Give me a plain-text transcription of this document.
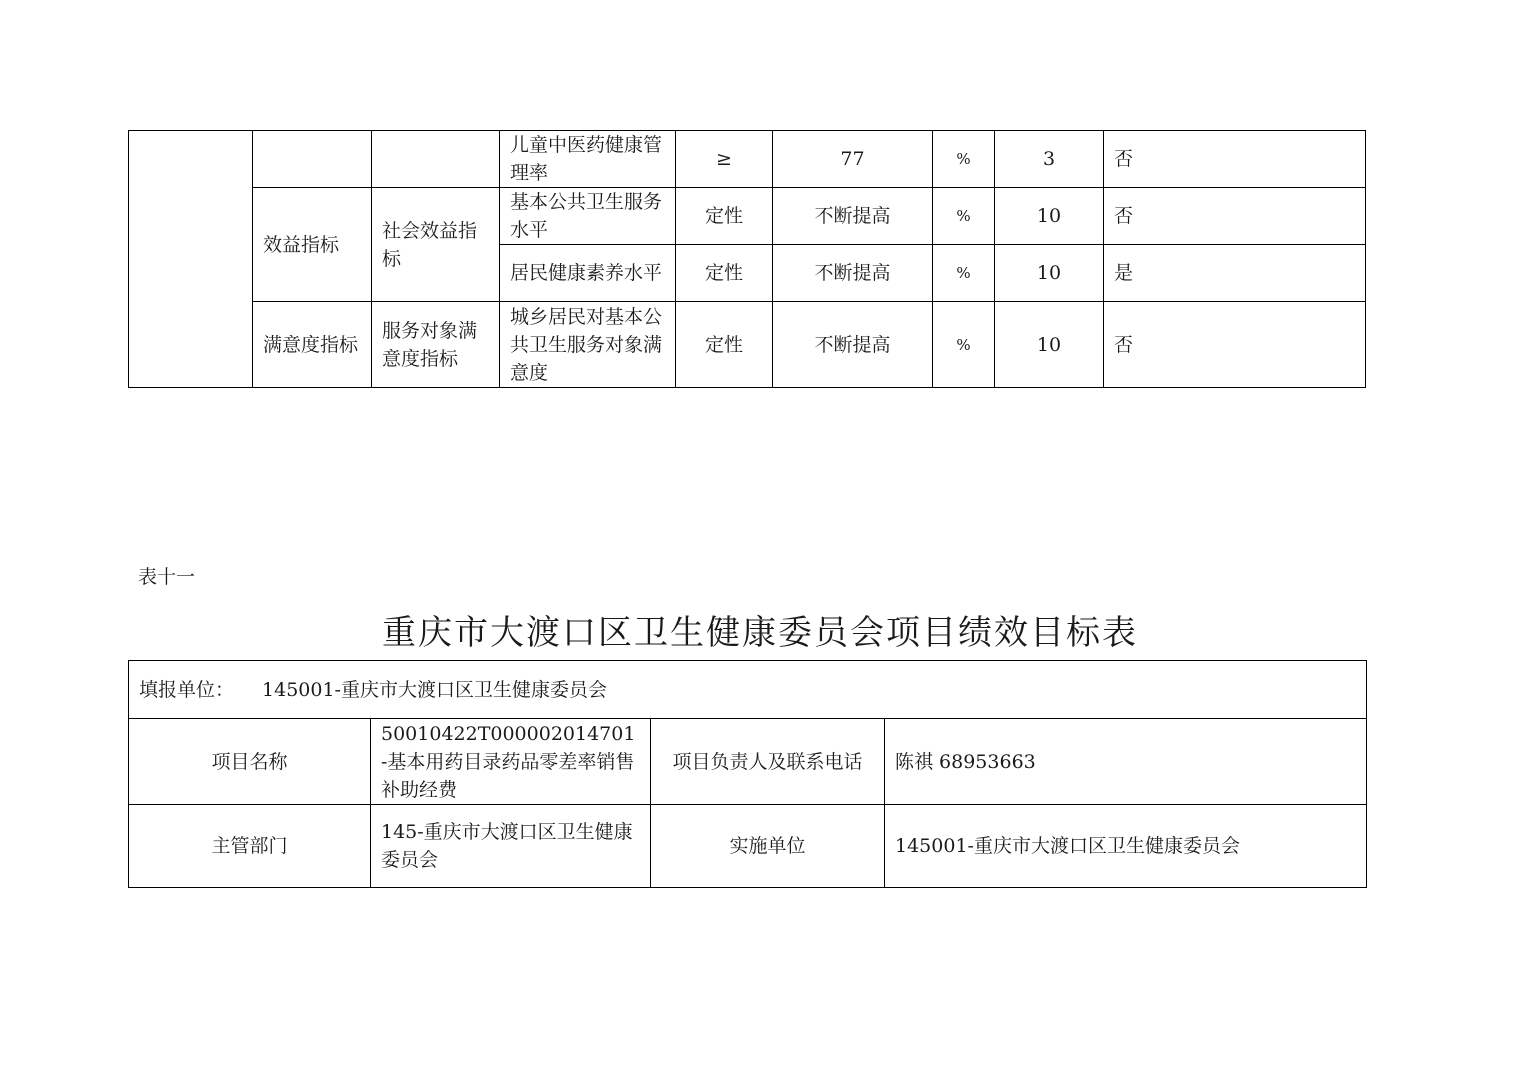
			儿童中医药健康管理率	≥	77	%	3	否
	效益指标	社会效益指标	基本公共卫生服务水平	定性	不断提高	%	10	否
			居民健康素养水平	定性	不断提高	%	10	是
	满意度指标	服务对象满意度指标	城乡居民对基本公共卫生服务对象满意度	定性	不断提高	%	10	否
表十一
重庆市大渡口区卫生健康委员会项目绩效目标表
填报单位： 145001-重庆市大渡口区卫生健康委员会			
项目名称	50010422T000002014701-基本用药目录药品零差率销售补助经费	项目负责人及联系电话	陈祺 68953663
主管部门	145-重庆市大渡口区卫生健康委员会	实施单位	145001-重庆市大渡口区卫生健康委员会
